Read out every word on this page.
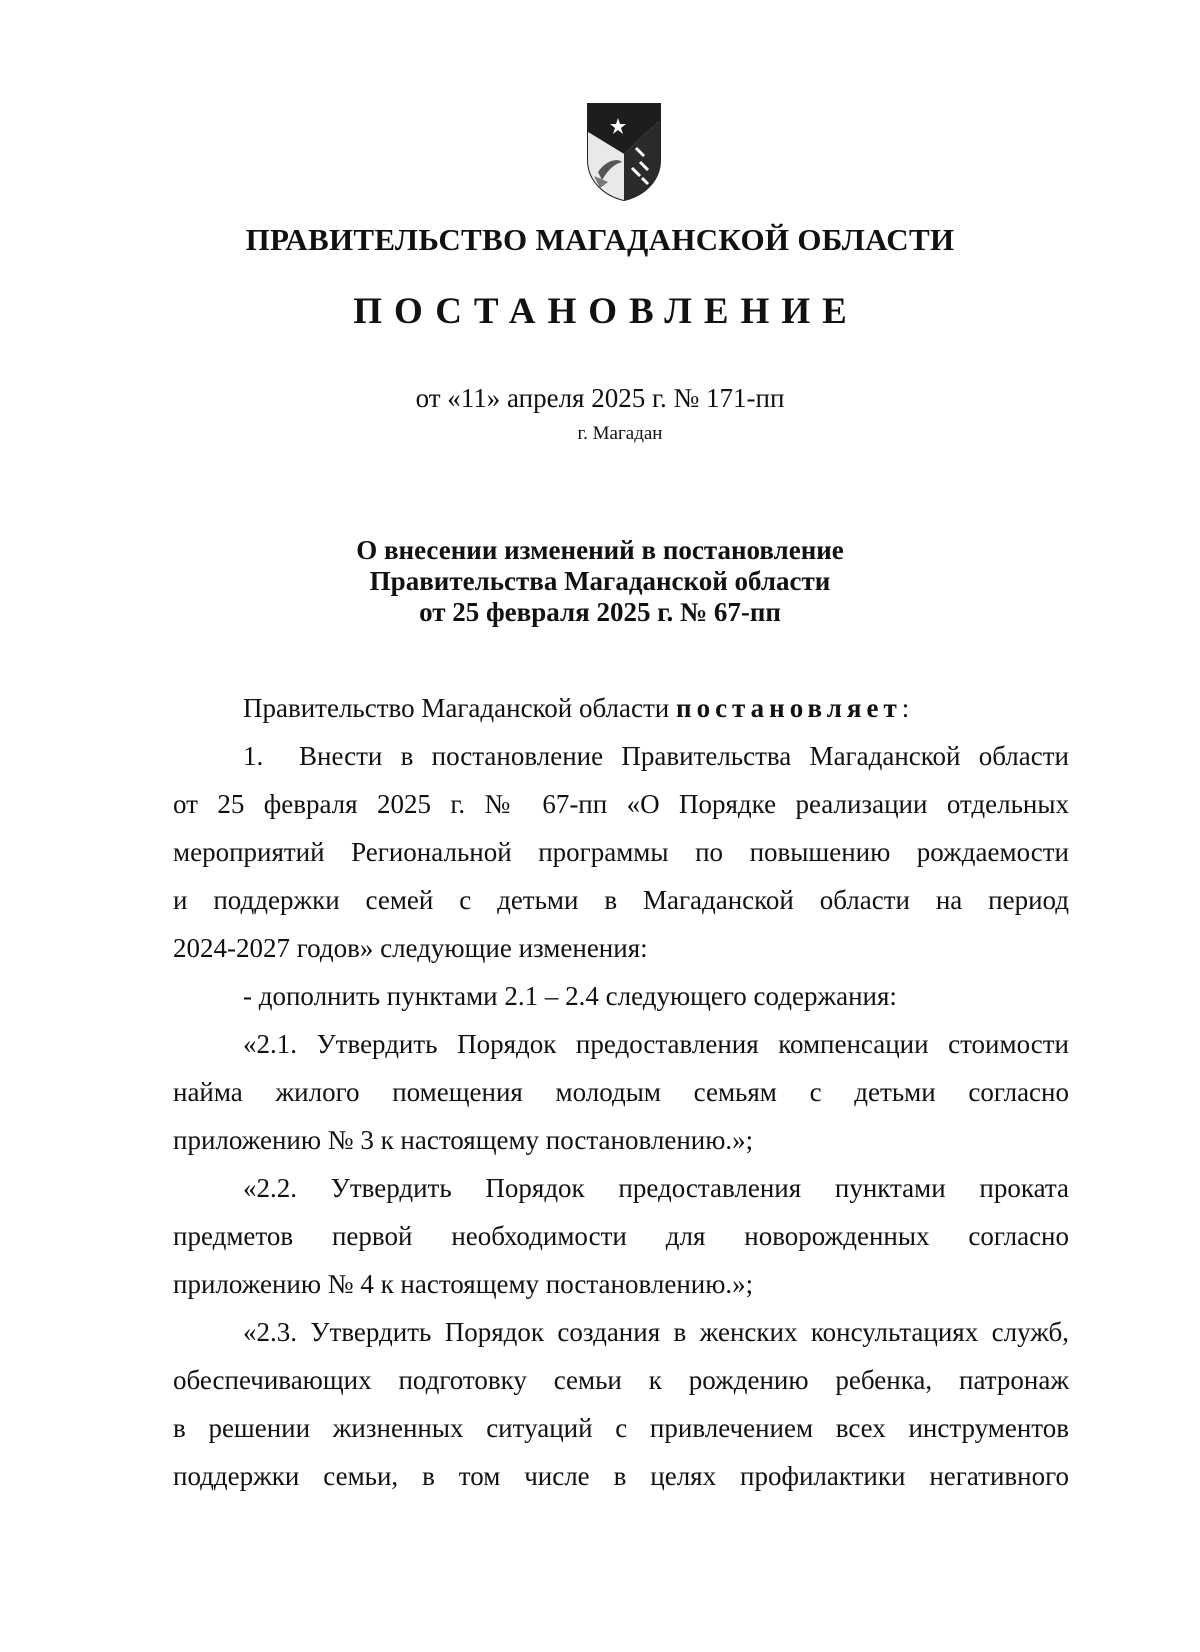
ПРАВИТЕЛЬСТВО МАГАДАНСКОЙ ОБЛАСТИ
ПОСТАНОВЛЕНИЕ
от «11» апреля 2025 г. № 171-пп
г. Магадан
О внесении изменений в постановление
Правительства Магаданской области
от 25 февраля 2025 г. № 67-пп
Правительство Магаданской области постановляет:
1. Внести в постановление Правительства Магаданской области
от 25 февраля 2025 г. № 67-пп «О Порядке реализации отдельных
мероприятий Региональной программы по повышению рождаемости
и поддержки семей с детьми в Магаданской области на период
2024-2027 годов» следующие изменения:
- дополнить пунктами 2.1 – 2.4 следующего содержания:
«2.1. Утвердить Порядок предоставления компенсации стоимости
найма жилого помещения молодым семьям с детьми согласно
приложению № 3 к настоящему постановлению.»;
«2.2. Утвердить Порядок предоставления пунктами проката
предметов первой необходимости для новорожденных согласно
приложению № 4 к настоящему постановлению.»;
«2.3. Утвердить Порядок создания в женских консультациях служб,
обеспечивающих подготовку семьи к рождению ребенка, патронаж
в решении жизненных ситуаций с привлечением всех инструментов
поддержки семьи, в том числе в целях профилактики негативного
